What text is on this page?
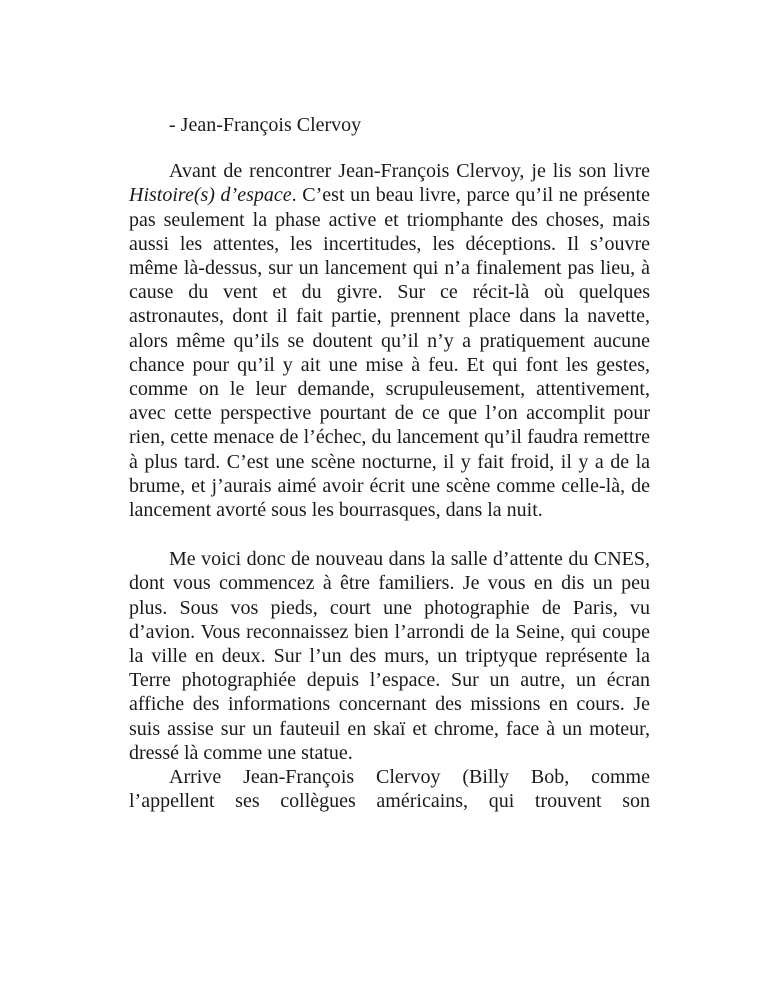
- Jean-François Clervoy

Avant de rencontrer Jean-François Clervoy, je lis son livre Histoire(s) d’espace. C’est un beau livre, parce qu’il ne présente pas seulement la phase active et triomphante des choses, mais aussi les attentes, les incertitudes, les déceptions. Il s’ouvre même là-dessus, sur un lancement qui n’a finalement pas lieu, à cause du vent et du givre. Sur ce récit-là où quelques astronautes, dont il fait partie, prennent place dans la navette, alors même qu’ils se doutent qu’il n’y a pratiquement aucune chance pour qu’il y ait une mise à feu. Et qui font les gestes, comme on le leur demande, scrupuleusement, attentivement, avec cette perspective pourtant de ce que l’on accomplit pour rien, cette menace de l’échec, du lancement qu’il faudra remettre à plus tard. C’est une scène nocturne, il y fait froid, il y a de la brume, et j’aurais aimé avoir écrit une scène comme celle-là, de lancement avorté sous les bourrasques, dans la nuit.

Me voici donc de nouveau dans la salle d’attente du CNES, dont vous commencez à être familiers. Je vous en dis un peu plus. Sous vos pieds, court une photographie de Paris, vu d’avion. Vous reconnaissez bien l’arrondi de la Seine, qui coupe la ville en deux. Sur l’un des murs, un triptyque représente la Terre photographiée depuis l’espace. Sur un autre, un écran affiche des informations concernant des missions en cours. Je suis assise sur un fauteuil en skaï et chrome, face à un moteur, dressé là comme une statue.

Arrive Jean-François Clervoy (Billy Bob, comme l’appellent ses collègues américains, qui trouvent son
